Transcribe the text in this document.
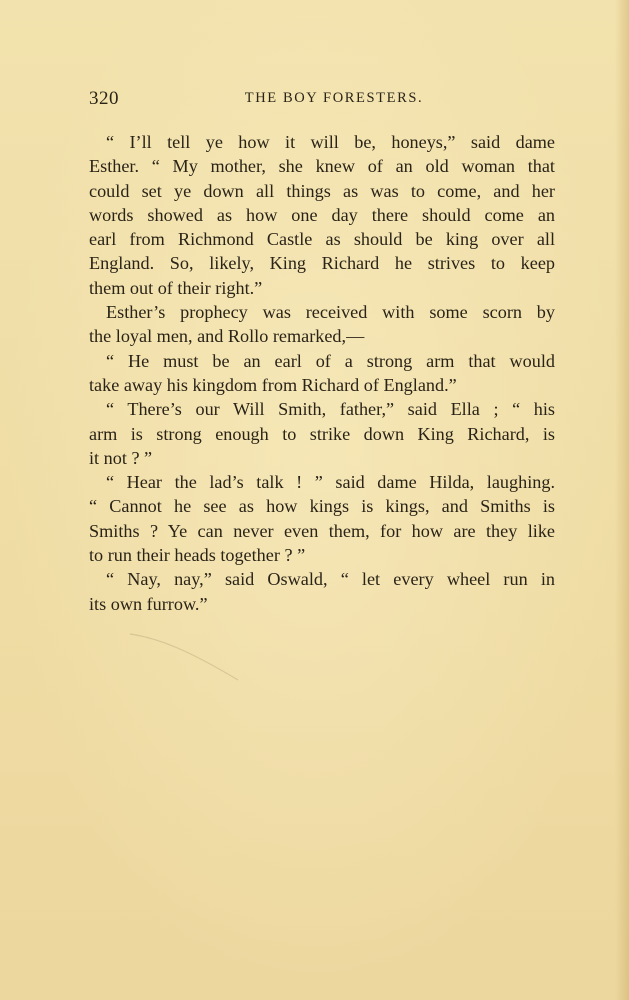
320	THE BOY FORESTERS.
“ I’ll tell ye how it will be, honeys,” said dame
Esther. “ My mother, she knew of an old woman that
could set ye down all things as was to come, and her
words showed as how one day there should come an
earl from Richmond Castle as should be king over all
England. So, likely, King Richard he strives to keep
them out of their right.”
Esther’s prophecy was received with some scorn by
the loyal men, and Rollo remarked,—
“ He must be an earl of a strong arm that would
take away his kingdom from Richard of England.”
“ There’s our Will Smith, father,” said Ella ; “ his
arm is strong enough to strike down King Richard, is
it not ? ”
“ Hear the lad’s talk ! ” said dame Hilda, laughing.
“ Cannot he see as how kings is kings, and Smiths is
Smiths ? Ye can never even them, for how are they like
to run their heads together ? ”
“ Nay, nay,” said Oswald, “ let every wheel run in
its own furrow.”
